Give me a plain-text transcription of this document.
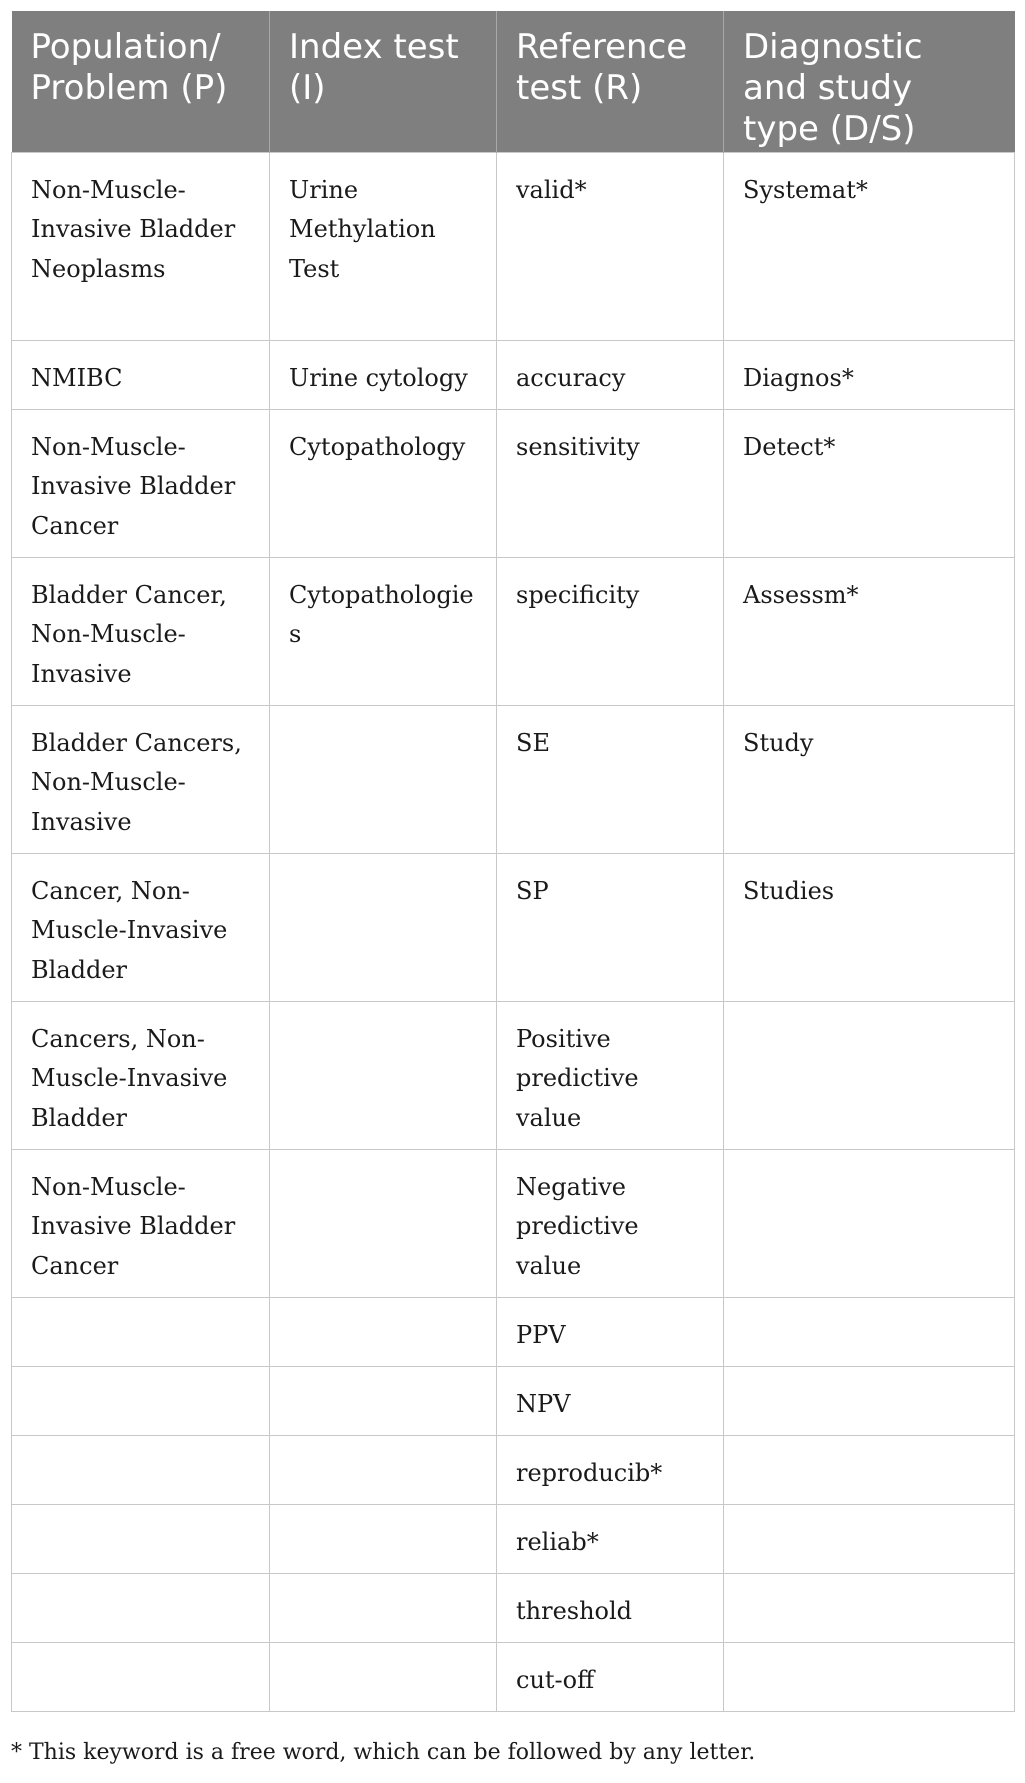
Population/ Problem (P)	Index test (I)	Reference test (R)	Diagnostic and study type (D/S)
Non-Muscle-Invasive Bladder Neoplasms	Urine Methylation Test	valid*	Systemat*
NMIBC	Urine cytology	accuracy	Diagnos*
Non-Muscle-Invasive Bladder Cancer	Cytopathology	sensitivity	Detect*
Bladder Cancer, Non-Muscle-Invasive	Cytopathologies	specificity	Assessm*
Bladder Cancers, Non-Muscle-Invasive		SE	Study
Cancer, Non-Muscle-Invasive Bladder		SP	Studies
Cancers, Non-Muscle-Invasive Bladder		Positive predictive value	
Non-Muscle-Invasive Bladder Cancer		Negative predictive value	
		PPV	
		NPV	
		reproducib*	
		reliab*	
		threshold	
		cut-off	
* This keyword is a free word, which can be followed by any letter.
